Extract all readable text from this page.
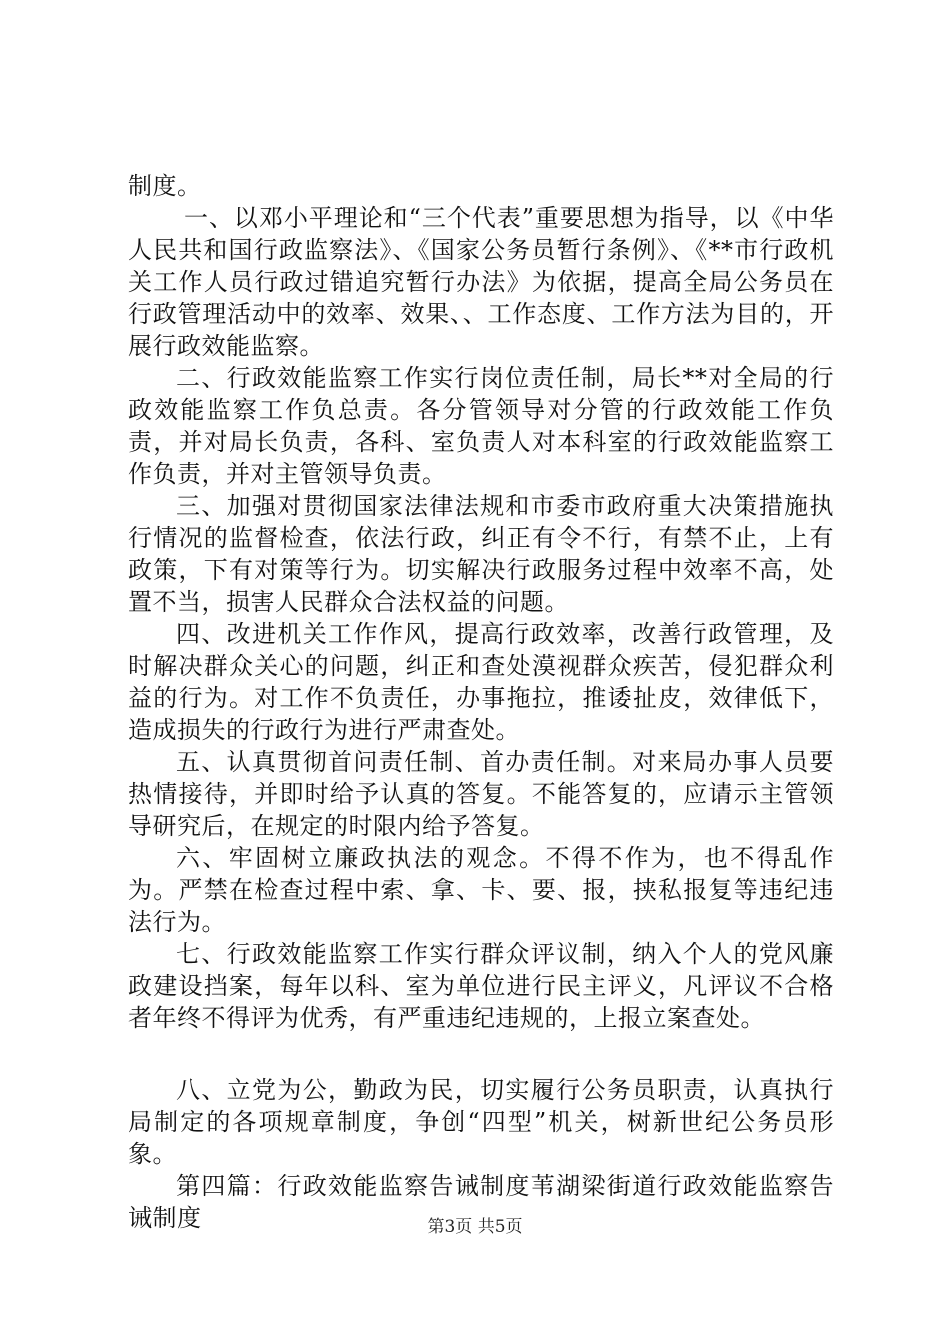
制度。

一、以邓小平理论和“三个代表”重要思想为指导，以《中华人民共和国行政监察法》、《国家公务员暂行条例》、《**市行政机关工作人员行政过错追究暂行办法》为依据，提高全局公务员在行政管理活动中的效率、效果、、工作态度、工作方法为目的，开展行政效能监察。

二、行政效能监察工作实行岗位责任制，局长**对全局的行政效能监察工作负总责。各分管领导对分管的行政效能工作负责，并对局长负责，各科、室负责人对本科室的行政效能监察工作负责，并对主管领导负责。

三、加强对贯彻国家法律法规和市委市政府重大决策措施执行情况的监督检查，依法行政，纠正有令不行，有禁不止，上有政策，下有对策等行为。切实解决行政服务过程中效率不高，处置不当，损害人民群众合法权益的问题。

四、改进机关工作作风，提高行政效率，改善行政管理，及时解决群众关心的问题，纠正和查处漠视群众疾苦，侵犯群众利益的行为。对工作不负责任，办事拖拉，推诿扯皮，效律低下，造成损失的行政行为进行严肃查处。

五、认真贯彻首问责任制、首办责任制。对来局办事人员要热情接待，并即时给予认真的答复。不能答复的，应请示主管领导研究后，在规定的时限内给予答复。

六、牢固树立廉政执法的观念。不得不作为，也不得乱作为。严禁在检查过程中索、拿、卡、要、报，挟私报复等违纪违法行为。

七、行政效能监察工作实行群众评议制，纳入个人的党风廉政建设挡案，每年以科、室为单位进行民主评义，凡评议不合格者年终不得评为优秀，有严重违纪违规的，上报立案查处。

八、立党为公，勤政为民，切实履行公务员职责，认真执行局制定的各项规章制度，争创“四型”机关，树新世纪公务员形象。

第四篇：行政效能监察告诫制度苇湖梁街道行政效能监察告诫制度	第3页 共5页
